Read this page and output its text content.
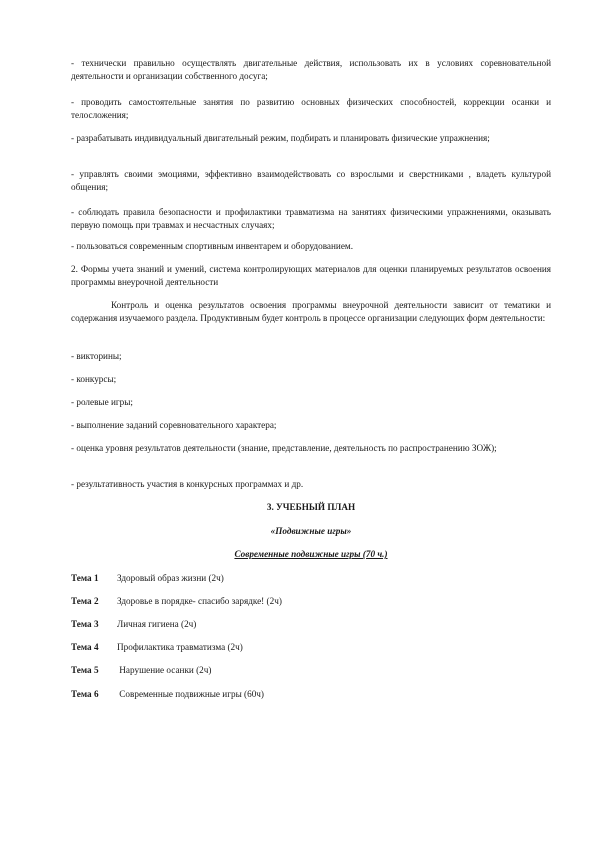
- технически правильно осуществлять двигательные действия, использовать их в условиях соревновательной деятельности и организации собственного досуга;

- проводить самостоятельные занятия по развитию основных физических способностей, коррекции осанки и телосложения;

- разрабатывать индивидуальный двигательный режим, подбирать и планировать физические упражнения;

- управлять своими эмоциями, эффективно взаимодействовать со взрослыми и сверстниками , владеть культурой общения;

- соблюдать правила безопасности и профилактики травматизма на занятиях физическими упражнениями, оказывать первую помощь при травмах и несчастных случаях;

- пользоваться современным спортивным инвентарем и оборудованием.

2. Формы учета знаний и умений, система контролирующих материалов для оценки планируемых результатов освоения программы внеурочной деятельности

Контроль и оценка результатов освоения программы внеурочной деятельности зависит от тематики и содержания изучаемого раздела. Продуктивным будет контроль в процессе организации следующих форм деятельности:

- викторины;

- конкурсы;

- ролевые игры;

- выполнение заданий соревновательного характера;

- оценка уровня результатов деятельности (знание, представление, деятельность по распространению ЗОЖ);

- результативность участия в конкурсных программах и др.

3. УЧЕБНЫЙ ПЛАН

«Подвижные игры»

Современные подвижные игры (70 ч.)

Тема 1 Здоровый образ жизни (2ч)

Тема 2 Здоровье в порядке- спасибо зарядке! (2ч)

Тема 3 Личная гигиена (2ч)

Тема 4 Профилактика травматизма (2ч)

Тема 5 Нарушение осанки (2ч)

Тема 6 Современные подвижные игры (60ч)
